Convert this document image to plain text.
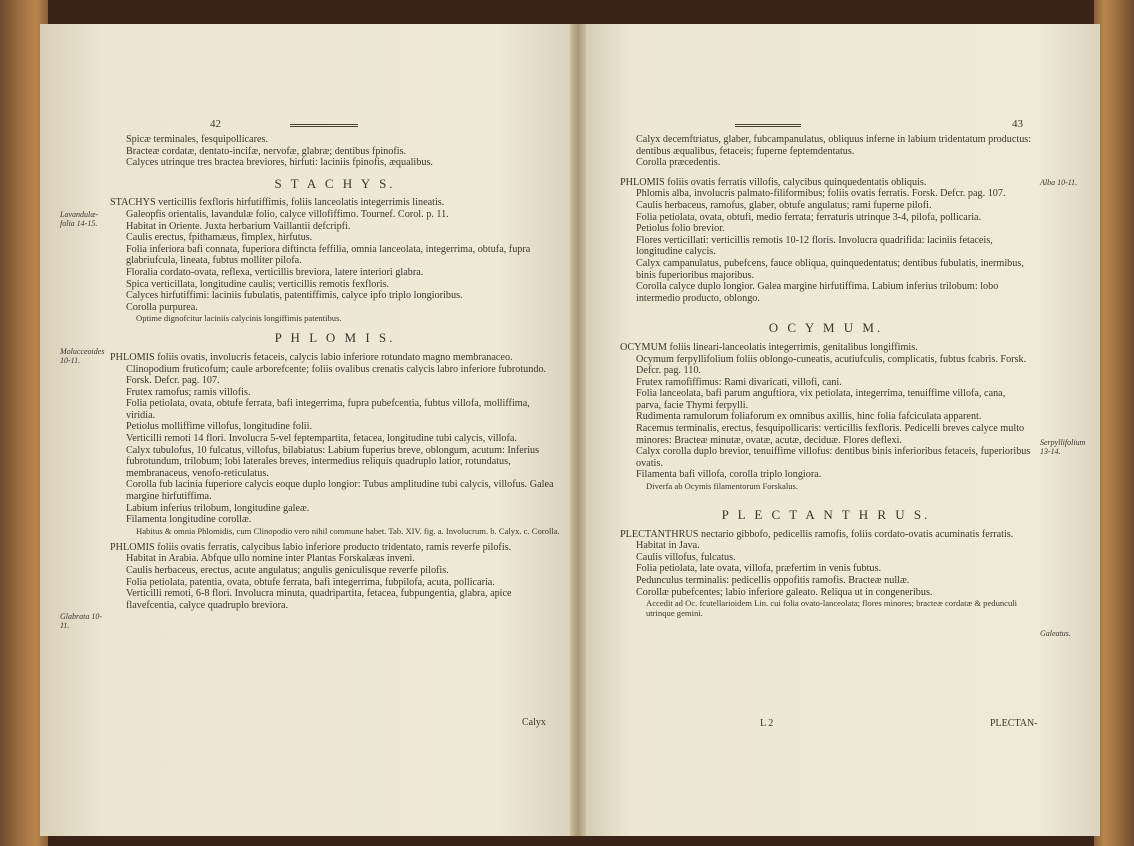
42

Spicæ terminales, fesquipollicares.

Bracteæ cordatæ, dentato-incifæ, nervofæ, glabræ; dentibus fpinofis.

Calyces utrinque tres bractea breviores, hirfuti: laciniis fpinofis, æqualibus.

S T A C H Y S.

STACHYS verticillis fexfloris hirfutiffimis, foliis lanceolatis integerrimis lineatis.

Galeopfis orientalis, lavandulæ folio, calyce villofiffimo. Tournef. Corol. p. 11.

Habitat in Oriente. Juxta herbarium Vaillantii defcripfi.

Caulis erectus, fpithamæus, fimplex, hirfutus.

Folia inferiora bafi connata, fuperiora diftincta feffilia, omnia lanceolata, integerrima, obtufa, fupra glabriufcula, lineata, fubtus molliter pilofa.

Floralia cordato-ovata, reflexa, verticillis breviora, latere interiori glabra.

Spica verticillata, longitudine caulis; verticillis remotis fexfloris.

Calyces hirfutiffimi: laciniis fubulatis, patentiffimis, calyce ipfo triplo longioribus.

Corolla purpurea.

Optime dignofcitur laciniis calycinis longiffimis patentibus.

P H L O M I S.

PHLOMIS foliis ovatis, involucris fetaceis, calycis labio inferiore rotundato magno membranaceo.

Clinopodium fruticofum; caule arborefcente; foliis ovalibus crenatis calycis labro inferiore fubrotundo. Forsk. Defcr. pag. 107.

Frutex ramofus; ramis villofis.

Folia petiolata, ovata, obtufe ferrata, bafi integerrima, fupra pubefcentia, fubtus villofa, molliffima, viridia.

Petiolus molliffime villofus, longitudine folii.

Verticilli remoti 14 flori. Involucra 5-vel feptempartita, fetacea, longitudine tubi calycis, villofa.

Calyx tubulofus, 10 fulcatus, villofus, bilabiatus: Labium fuperius breve, oblongum, acutum: Inferius fubrotundum, trilobum; lobi laterales breves, intermedius reliquis quadruplo latior, rotundatus, membranaceus, venofo-reticulatus.

Corolla fub lacinia fuperiore calycis eoque duplo longior: Tubus amplitudine tubi calycis, villofus. Galea margine hirfutiffima.

Labium inferius trilobum, longitudine galeæ.

Filamenta longitudine corollæ.

Habitus & omnia Phlomidis, cum Clinopodio vero nihil commune habet. Tab. XIV. fig. a. Involucrum. b. Calyx. c. Corolla.

PHLOMIS foliis ovatis ferratis, calycibus labio inferiore producto tridentato, ramis reverfe pilofis.

Habitat in Arabia. Abfque ullo nomine inter Plantas Forskalæas inveni.

Caulis herbaceus, erectus, acute angulatus; angulis geniculisque reverfe pilofis.

Folia petiolata, patentia, ovata, obtufe ferrata, bafi integerrima, fubpilofa, acuta, pollicaria.

Verticilli remoti, 6-8 flori. Involucra minuta, quadripartita, fetacea, fubpungentia, glabra, apice flavefcentia, calyce quadruplo breviora.

Lavandulæ-folia 14-15.
Molucceoides 10-11.
Glabrata 10-11.
Calyx
43

Calyx decemftriatus, glaber, fubcampanulatus, obliquus inferne in labium tridentatum productus: dentibus æqualibus, fetaceis; fuperne feptemdentatus.

Corolla præcedentis.

PHLOMIS foliis ovatis ferratis villofis, calycibus quinquedentatis obliquis.

Phlomis alba, involucris palmato-filiformibus; foliis ovatis ferratis. Forsk. Defcr. pag. 107.

Caulis herbaceus, ramofus, glaber, obtufe angulatus; rami fuperne pilofi.

Folia petiolata, ovata, obtufi, medio ferrata; ferraturis utrinque 3-4, pilofa, pollicaria.

Petiolus folio brevior.

Flores verticillati: verticillis remotis 10-12 floris. Involucra quadrifida: laciniis fetaceis, longitudine calycis.

Calyx campanulatus, pubefcens, fauce obliqua, quinquedentatus; dentibus fubulatis, inermibus, binis fuperioribus majoribus.

Corolla calyce duplo longior. Galea margine hirfutiffima. Labium inferius trilobum: lobo intermedio producto, oblongo.

O C Y M U M.

OCYMUM foliis lineari-lanceolatis integerrimis, genitalibus longiffimis.

Ocymum ferpyllifolium foliis oblongo-cuneatis, acutiufculis, complicatis, fubtus fcabris. Forsk. Defcr. pag. 110.

Frutex ramofiffimus: Rami divaricati, villofi, cani.

Folia lanceolata, bafi parum anguftiora, vix petiolata, integerrima, tenuiffime villofa, cana, parva, facie Thymi ferpylli.

Rudimenta ramulorum foliaforum ex omnibus axillis, hinc folia fafciculata apparent.

Racemus terminalis, erectus, fesquipollicaris: verticillis fexfloris. Pedicelli breves calyce multo minores: Bracteæ minutæ, ovatæ, acutæ, deciduæ. Flores deflexi.

Calyx corolla duplo brevior, tenuiffime villofus: dentibus binis inferioribus fetaceis, fuperioribus ovatis.

Filamenta bafi villofa, corolla triplo longiora.

Diverfa ab Ocymis filamentorum Forskalus.

P L E C T A N T H R U S.

PLECTANTHRUS nectario gibbofo, pedicellis ramofis, foliis cordato-ovatis acuminatis ferratis.

Habitat in Java.

Caulis villofus, fulcatus.

Folia petiolata, late ovata, villofa, præfertim in venis fubtus.

Pedunculus terminalis: pedicellis oppofitis ramofis. Bracteæ nullæ.

Corollæ pubefcentes; labio inferiore galeato. Reliqua ut in congeneribus.

Accedit ad Oc. fcutellarioidem Lin. cui folia ovato-lanceolata; flores minores; bracteæ cordatæ & pedunculi utrinque gemini.

Alba 10-11.
Serpyllifolium 13-14.
Galeatus.
L 2	PLECTAN-
